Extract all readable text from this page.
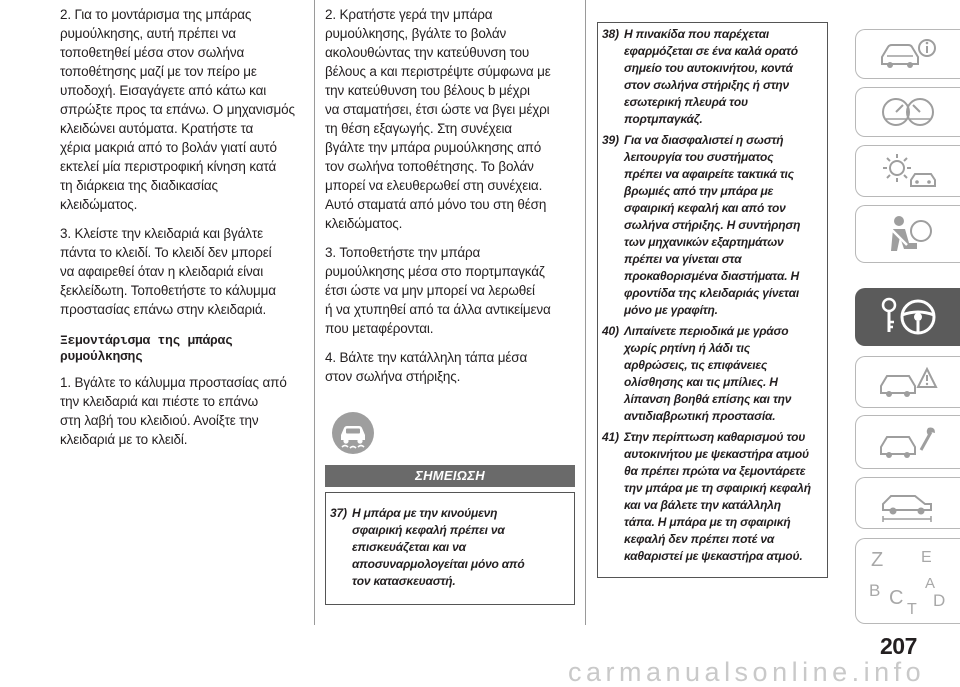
2. Για το μοντάρισμα της μπάρας
ρυμούλκησης, αυτή πρέπει να
τοποθετηθεί μέσα στον σωλήνα
τοποθέτησης μαζί με τον πείρο με
υποδοχή. Εισαγάγετε από κάτω και
σπρώξτε προς τα επάνω. Ο μηχανισμός
κλειδώνει αυτόματα. Κρατήστε τα
χέρια μακριά από το βολάν γιατί αυτό
εκτελεί μία περιστροφική κίνηση κατά
τη διάρκεια της διαδικασίας
κλειδώματος.

3. Κλείστε την κλειδαριά και βγάλτε
πάντα το κλειδί. Το κλειδί δεν μπορεί
να αφαιρεθεί όταν η κλειδαριά είναι
ξεκλείδωτη. Τοποθετήστε το κάλυμμα
προστασίας επάνω στην κλειδαριά.

Ξεμοντάρισμα της μπάρας
ρυμούλκησης

1. Βγάλτε το κάλυμμα προστασίας από
την κλειδαριά και πιέστε το επάνω
στη λαβή του κλειδιού. Ανοίξτε την
κλειδαριά με το κλειδί.

2. Κρατήστε γερά την μπάρα
ρυμούλκησης, βγάλτε το βολάν
ακολουθώντας την κατεύθυνση του
βέλους a και περιστρέψτε σύμφωνα με
την κατεύθυνση του βέλους b μέχρι
να σταματήσει, έτσι ώστε να βγει μέχρι
τη θέση εξαγωγής. Στη συνέχεια
βγάλτε την μπάρα ρυμούλκησης από
τον σωλήνα τοποθέτησης. Το βολάν
μπορεί να ελευθερωθεί στη συνέχεια.
Αυτό σταματά από μόνο του στη θέση
κλειδώματος.

3. Τοποθετήστε την μπάρα
ρυμούλκησης μέσα στο πορτμπαγκάζ
έτσι ώστε να μην μπορεί να λερωθεί
ή να χτυπηθεί από τα άλλα αντικείμενα
που μεταφέρονται.

4. Βάλτε την κατάλληλη τάπα μέσα
στον σωλήνα στήριξης.

ΣΗΜΕΙΩΣΗ
37) Η μπάρα με την κινούμενη
σφαιρική κεφαλή πρέπει να
επισκευάζεται και να
αποσυναρμολογείται μόνο από
τον κατασκευαστή.
38) Η πινακίδα που παρέχεται
εφαρμόζεται σε ένα καλά ορατό
σημείο του αυτοκινήτου, κοντά
στον σωλήνα στήριξης ή στην
εσωτερική πλευρά του
πορτμπαγκάζ.
39) Για να διασφαλιστεί η σωστή
λειτουργία του συστήματος
πρέπει να αφαιρείτε τακτικά τις
βρωμιές από την μπάρα με
σφαιρική κεφαλή και από τον
σωλήνα στήριξης. Η συντήρηση
των μηχανικών εξαρτημάτων
πρέπει να γίνεται στα
προκαθορισμένα διαστήματα. Η
φροντίδα της κλειδαριάς γίνεται
μόνο με γραφίτη.
40) Λιπαίνετε περιοδικά με γράσο
χωρίς ρητίνη ή λάδι τις
αρθρώσεις, τις επιφάνειες
ολίσθησης και τις μπίλιες. Η
λίπανση βοηθά επίσης και την
αντιδιαβρωτική προστασία.
41) Στην περίπτωση καθαρισμού του
αυτοκινήτου με ψεκαστήρα ατμού
θα πρέπει πρώτα να ξεμοντάρετε
την μπάρα με τη σφαιρική κεφαλή
και να βάλετε την κατάλληλη
τάπα. Η μπάρα με τη σφαιρική
κεφαλή δεν πρέπει ποτέ να
καθαριστεί με ψεκαστήρα ατμού.	Z E
B C
A
T D
207
carmanualsonline.info
